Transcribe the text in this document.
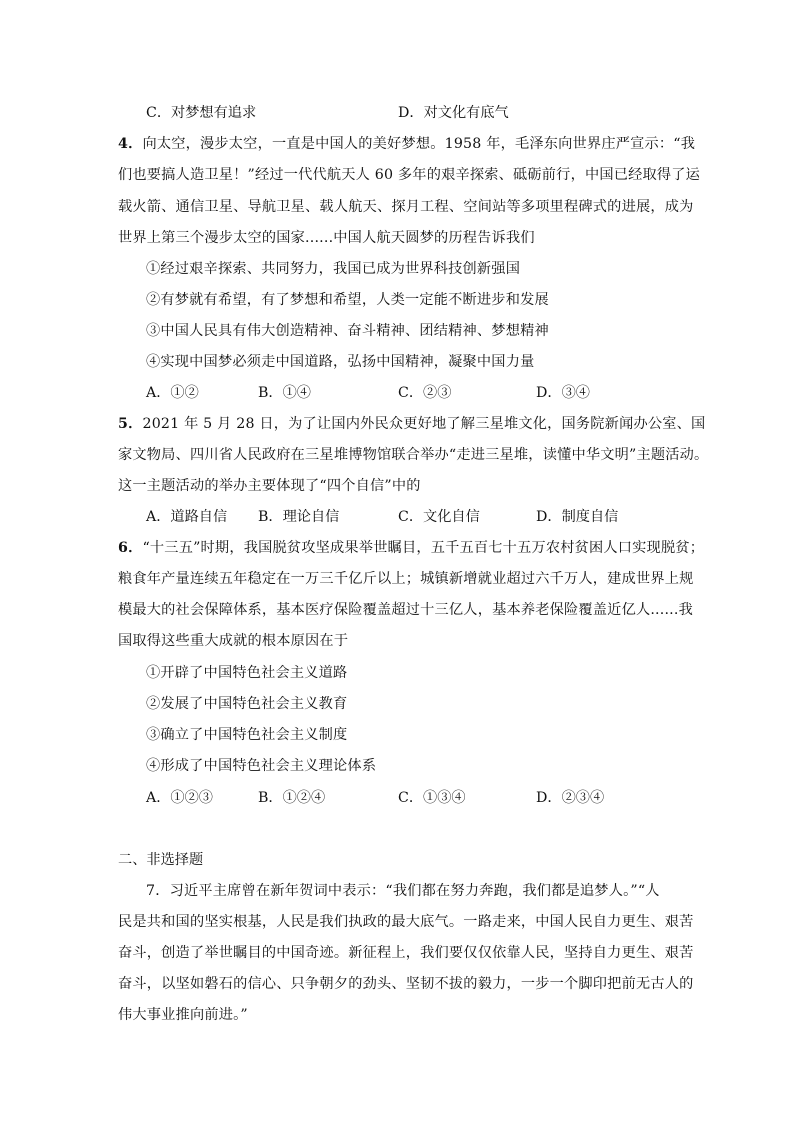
C．对梦想有追求	D．对文化有底气
4．向太空，漫步太空，一直是中国人的美好梦想。1958 年，毛泽东向世界庄严宣示：“我
们也要搞人造卫星！”经过一代代航天人 60 多年的艰辛探索、砥砺前行，中国已经取得了运
载火箭、通信卫星、导航卫星、载人航天、探月工程、空间站等多项里程碑式的进展，成为
世界上第三个漫步太空的国家......中国人航天圆梦的历程告诉我们
①经过艰辛探索、共同努力，我国已成为世界科技创新强国
②有梦就有希望，有了梦想和希望，人类一定能不断进步和发展
③中国人民具有伟大创造精神、奋斗精神、团结精神、梦想精神
④实现中国梦必须走中国道路，弘扬中国精神，凝聚中国力量
A．①②	B．①④	C．②③	D．③④
5．2021 年 5 月 28 日，为了让国内外民众更好地了解三星堆文化，国务院新闻办公室、国
家文物局、四川省人民政府在三星堆博物馆联合举办“走进三星堆，读懂中华文明”主题活动。
这一主题活动的举办主要体现了“四个自信”中的
A．道路自信 B．理论自信	C．文化自信	D．制度自信
6．“十三五”时期，我国脱贫攻坚成果举世瞩目，五千五百七十五万农村贫困人口实现脱贫；
粮食年产量连续五年稳定在一万三千亿斤以上；城镇新增就业超过六千万人，建成世界上规
模最大的社会保障体系，基本医疗保险覆盖超过十三亿人，基本养老保险覆盖近亿人......我
国取得这些重大成就的根本原因在于
①开辟了中国特色社会主义道路
②发展了中国特色社会主义教育
③确立了中国特色社会主义制度
④形成了中国特色社会主义理论体系
A．①②③	B．①②④	C．①③④	D．②③④
二、非选择题
7．习近平主席曾在新年贺词中表示：“我们都在努力奔跑，我们都是追梦人。”“人
民是共和国的坚实根基，人民是我们执政的最大底气。一路走来，中国人民自力更生、艰苦
奋斗，创造了举世瞩目的中国奇迹。新征程上，我们要仅仅依靠人民，坚持自力更生、艰苦
奋斗，以坚如磐石的信心、只争朝夕的劲头、坚韧不拔的毅力，一步一个脚印把前无古人的
伟大事业推向前进。”
